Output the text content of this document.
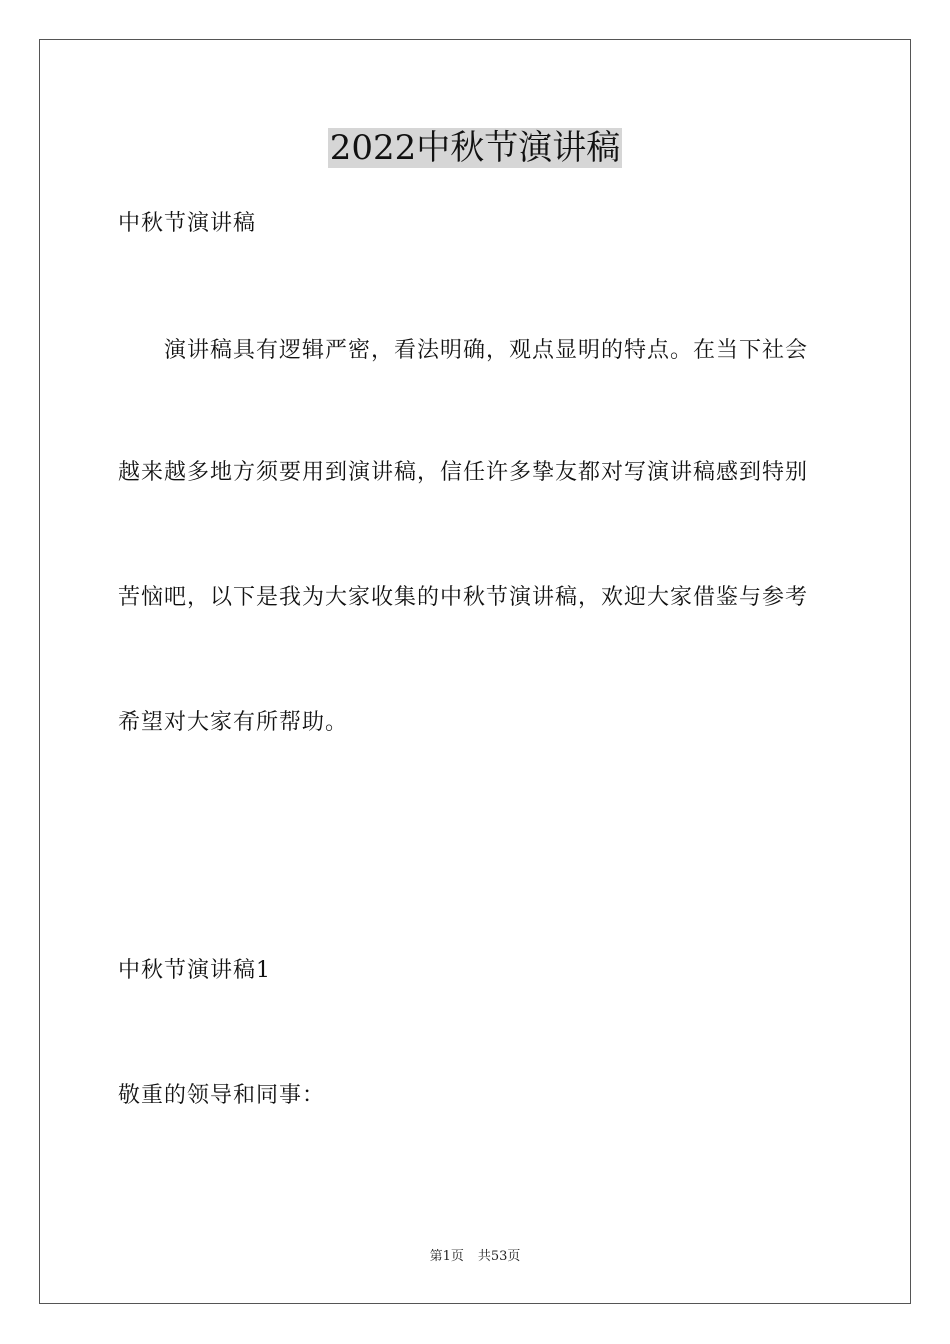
2022中秋节演讲稿
中秋节演讲稿
演讲稿具有逻辑严密，看法明确，观点显明的特点。在当下社会
越来越多地方须要用到演讲稿，信任许多挚友都对写演讲稿感到特别
苦恼吧，以下是我为大家收集的中秋节演讲稿，欢迎大家借鉴与参考
希望对大家有所帮助。
中秋节演讲稿1
敬重的领导和同事：
第1页 共53页
